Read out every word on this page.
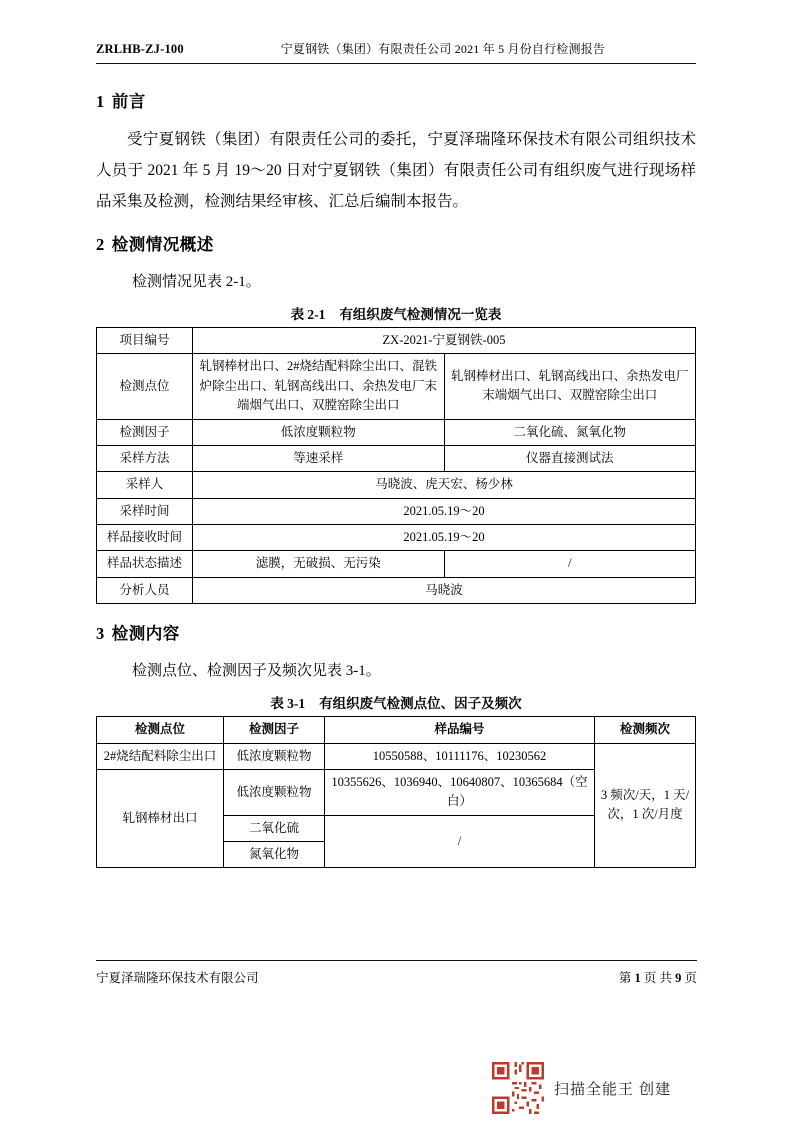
ZRLHB-ZJ-100	宁夏钢铁（集团）有限责任公司 2021 年 5 月份自行检测报告
1 前言

受宁夏钢铁（集团）有限责任公司的委托，宁夏泽瑞隆环保技术有限公司组织技术人员于 2021 年 5 月 19～20 日对宁夏钢铁（集团）有限责任公司有组织废气进行现场样品采集及检测，检测结果经审核、汇总后编制本报告。

2 检测情况概述

检测情况见表 2-1。

表 2-1 有组织废气检测情况一览表
项目编号	ZX-2021-宁夏钢铁-005	
检测点位	轧钢棒材出口、2#烧结配料除尘出口、混铁炉除尘出口、轧钢高线出口、余热发电厂末端烟气出口、双膛窑除尘出口	轧钢棒材出口、轧钢高线出口、余热发电厂末端烟气出口、双膛窑除尘出口
检测因子	低浓度颗粒物	二氧化硫、氮氧化物
采样方法	等速采样	仪器直接测试法
采样人	马晓波、虎天宏、杨少林	
采样时间	2021.05.19～20	
样品接收时间	2021.05.19～20	
样品状态描述	滤膜，无破损、无污染	/
分析人员	马晓波	
3 检测内容

检测点位、检测因子及频次见表 3-1。

表 3-1 有组织废气检测点位、因子及频次
检测点位	检测因子	样品编号	检测频次
2#烧结配料除尘出口	低浓度颗粒物	10550588、10111176、10230562	3 频次/天，1 天/次，1 次/月度
轧钢棒材出口	低浓度颗粒物	10355626、1036940、10640807、10365684（空白）	
	二氧化硫	/	
	氮氧化物		
宁夏泽瑞隆环保技术有限公司	第 1 页 共 9 页
扫描全能王 创建
